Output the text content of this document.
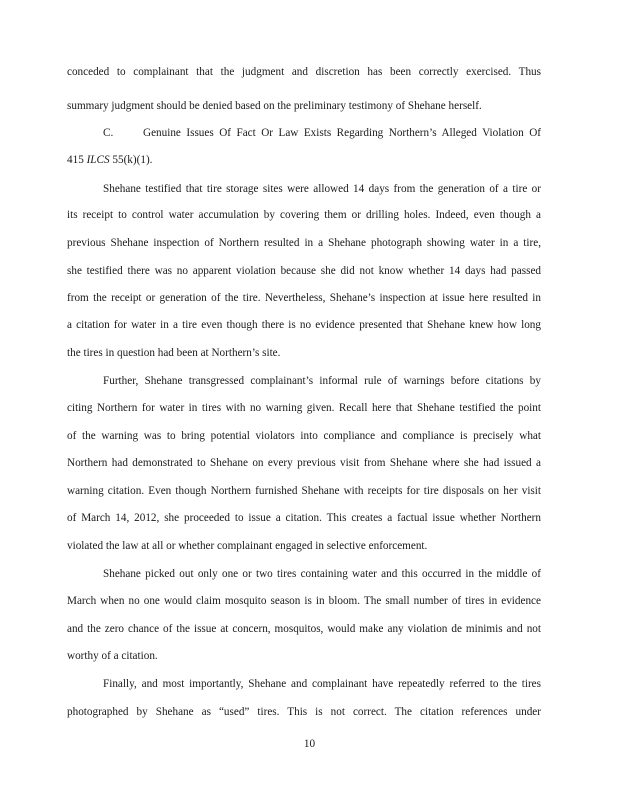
conceded to complainant that the judgment and discretion has been correctly exercised. Thus
summary judgment should be denied based on the preliminary testimony of Shehane herself.
C.	Genuine Issues Of Fact Or Law Exists Regarding Northern’s Alleged Violation Of
415 ILCS 55(k)(1).
Shehane testified that tire storage sites were allowed 14 days from the generation of a tire or
its receipt to control water accumulation by covering them or drilling holes. Indeed, even though a
previous Shehane inspection of Northern resulted in a Shehane photograph showing water in a tire,
she testified there was no apparent violation because she did not know whether 14 days had passed
from the receipt or generation of the tire. Nevertheless, Shehane’s inspection at issue here resulted in
a citation for water in a tire even though there is no evidence presented that Shehane knew how long
the tires in question had been at Northern’s site.
Further, Shehane transgressed complainant’s informal rule of warnings before citations by
citing Northern for water in tires with no warning given. Recall here that Shehane testified the point
of the warning was to bring potential violators into compliance and compliance is precisely what
Northern had demonstrated to Shehane on every previous visit from Shehane where she had issued a
warning citation. Even though Northern furnished Shehane with receipts for tire disposals on her visit
of March 14, 2012, she proceeded to issue a citation. This creates a factual issue whether Northern
violated the law at all or whether complainant engaged in selective enforcement.
Shehane picked out only one or two tires containing water and this occurred in the middle of
March when no one would claim mosquito season is in bloom. The small number of tires in evidence
and the zero chance of the issue at concern, mosquitos, would make any violation de minimis and not
worthy of a citation.
Finally, and most importantly, Shehane and complainant have repeatedly referred to the tires
photographed by Shehane as “used” tires. This is not correct. The citation references under
10
